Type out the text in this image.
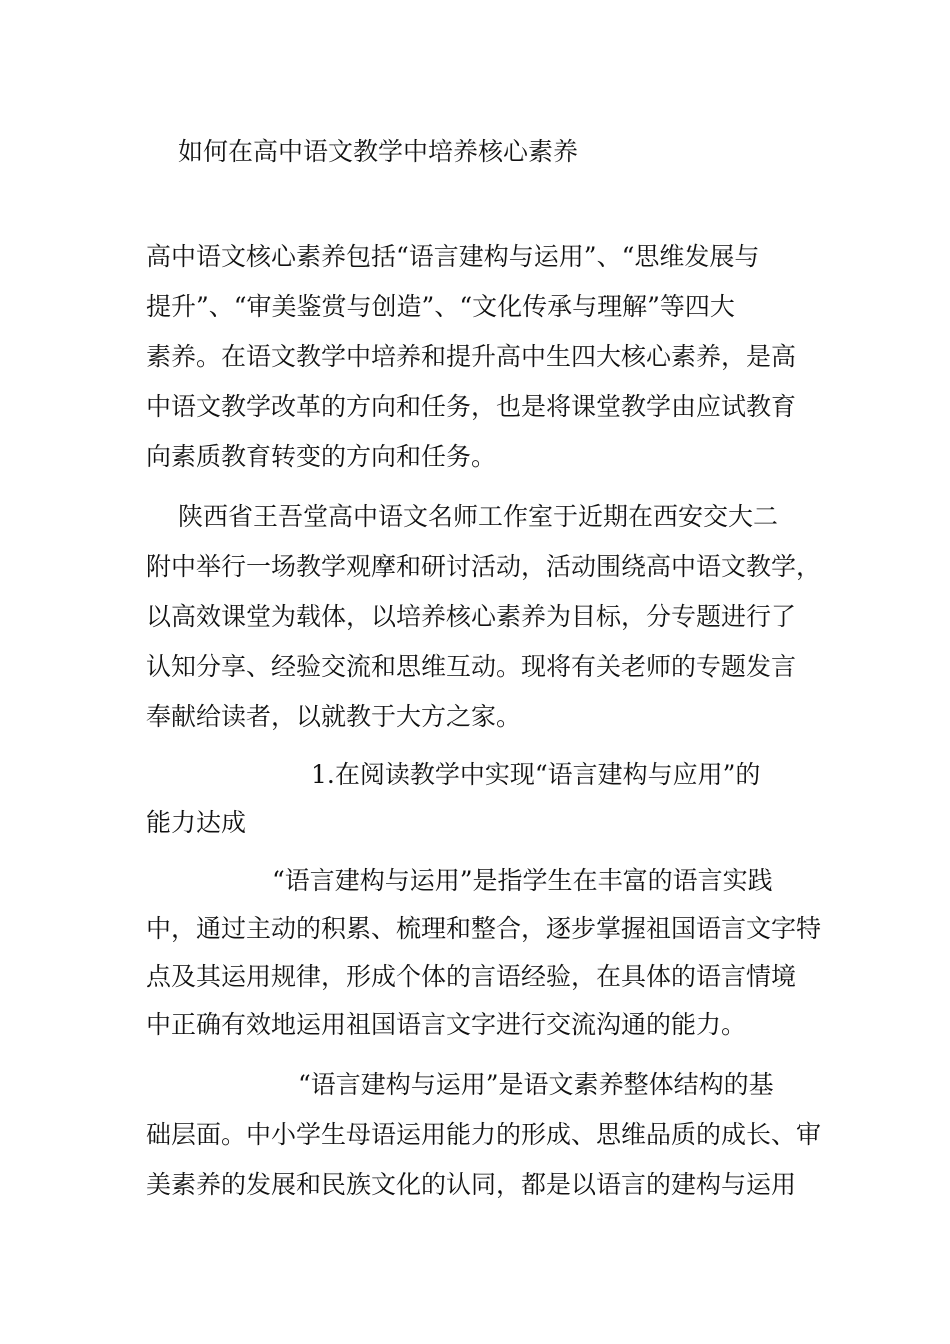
如何在高中语文教学中培养核心素养
高中语文核心素养包括“语言建构与运用”、“思维发展与
提升”、“审美鉴赏与创造”、“文化传承与理解”等四大
素养。在语文教学中培养和提升高中生四大核心素养，是高
中语文教学改革的方向和任务，也是将课堂教学由应试教育
向素质教育转变的方向和任务。
陕西省王吾堂高中语文名师工作室于近期在西安交大二
附中举行一场教学观摩和研讨活动，活动围绕高中语文教学，
以高效课堂为载体，以培养核心素养为目标，分专题进行了
认知分享、经验交流和思维互动。现将有关老师的专题发言
奉献给读者，以就教于大方之家。
1.在阅读教学中实现“语言建构与应用”的
能力达成
“语言建构与运用”是指学生在丰富的语言实践
中，通过主动的积累、梳理和整合，逐步掌握祖国语言文字特
点及其运用规律，形成个体的言语经验，在具体的语言情境
中正确有效地运用祖国语言文字进行交流沟通的能力。
“语言建构与运用”是语文素养整体结构的基
础层面。中小学生母语运用能力的形成、思维品质的成长、审
美素养的发展和民族文化的认同，都是以语言的建构与运用
